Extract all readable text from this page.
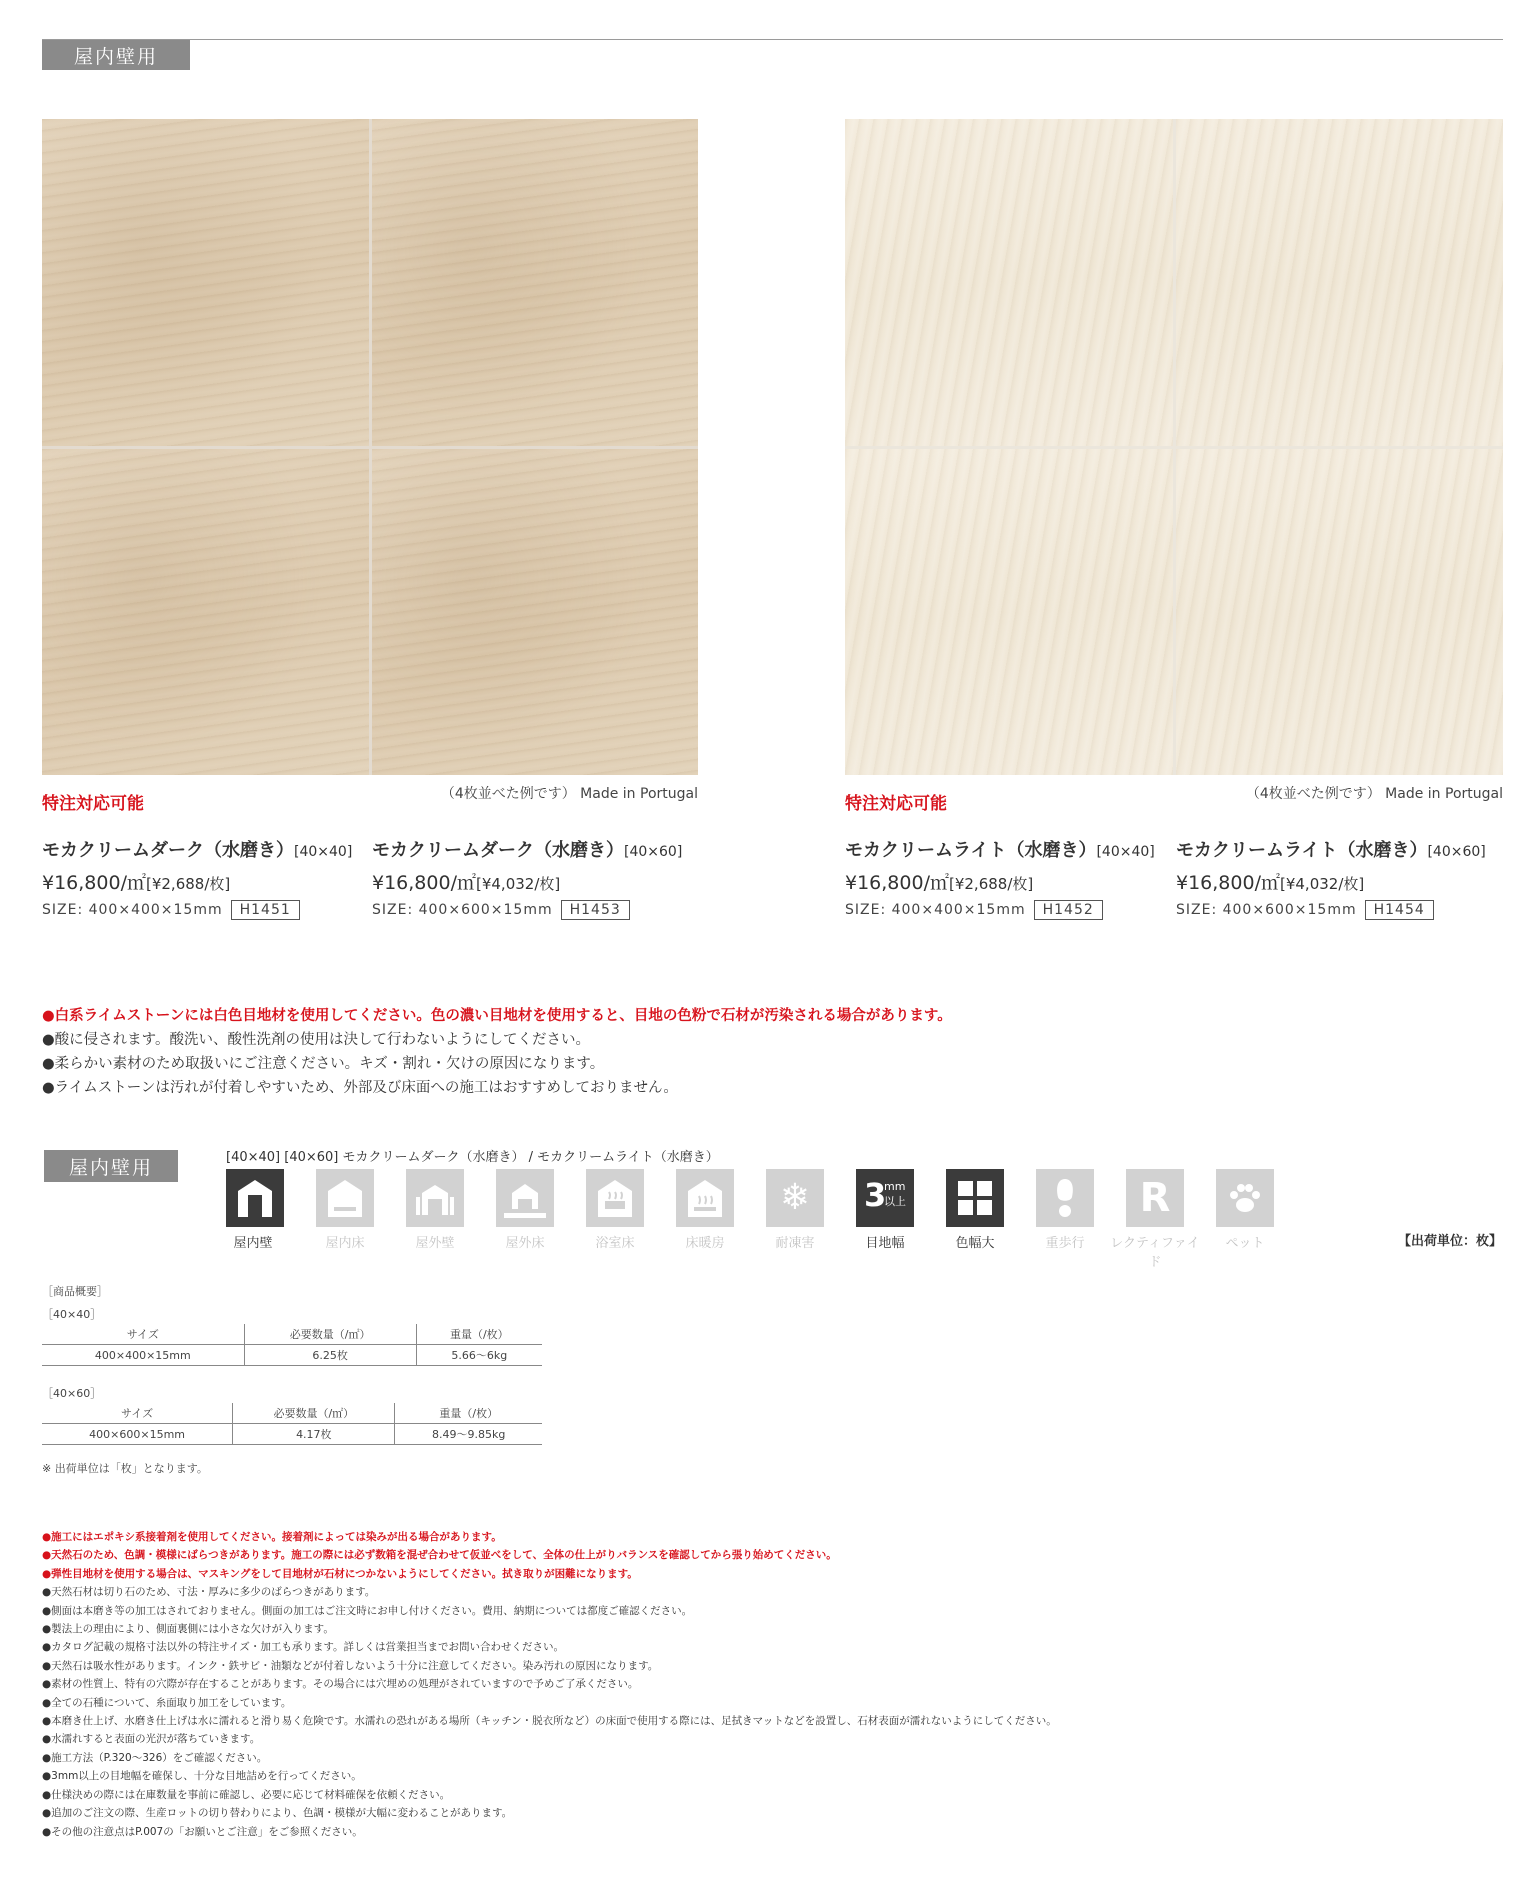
屋内壁用
特注対応可能	（4枚並べた例です） Made in Portugal
モカクリームダーク（水磨き）[40×40]
¥16,800/㎡[¥2,688/枚]
SIZE: 400×400×15mm	H1451
モカクリームダーク（水磨き）[40×60]
¥16,800/㎡[¥4,032/枚]
SIZE: 400×600×15mm	H1453
特注対応可能	（4枚並べた例です） Made in Portugal
モカクリームライト（水磨き）[40×40]
¥16,800/㎡[¥2,688/枚]
SIZE: 400×400×15mm	H1452
モカクリームライト（水磨き）[40×60]
¥16,800/㎡[¥4,032/枚]
SIZE: 400×600×15mm	H1454
●白系ライムストーンには白色目地材を使用してください。色の濃い目地材を使用すると、目地の色粉で石材が汚染される場合があります。
●酸に侵されます。酸洗い、酸性洗剤の使用は決して行わないようにしてください。
●柔らかい素材のため取扱いにご注意ください。キズ・割れ・欠けの原因になります。
●ライムストーンは汚れが付着しやすいため、外部及び床面への施工はおすすめしておりません。
屋内壁用	[40×40] [40×60] モカクリームダーク（水磨き） / モカクリームライト（水磨き）
【出荷単位：枚】
屋内壁	屋内床	屋外壁	屋外床	浴室床	床暖房
❄
耐凍害
3
mm
以上
目地幅	色幅大	重歩行
R
レクティファイド
ペット
［商品概要］
［40×40］
サイズ	必要数量（/㎡）	重量（/枚）
400×400×15mm	6.25枚	5.66～6kg
［40×60］
サイズ	必要数量（/㎡）	重量（/枚）
400×600×15mm	4.17枚	8.49～9.85kg
※ 出荷単位は「枚」となります。
●施工にはエポキシ系接着剤を使用してください。接着剤によっては染みが出る場合があります。
●天然石のため、色調・模様にばらつきがあります。施工の際には必ず数箱を混ぜ合わせて仮並べをして、全体の仕上がりバランスを確認してから張り始めてください。
●弾性目地材を使用する場合は、マスキングをして目地材が石材につかないようにしてください。拭き取りが困難になります。
●天然石材は切り石のため、寸法・厚みに多少のばらつきがあります。
●側面は本磨き等の加工はされておりません。側面の加工はご注文時にお申し付けください。費用、納期については都度ご確認ください。
●製法上の理由により、側面裏側には小さな欠けが入ります。
●カタログ記載の規格寸法以外の特注サイズ・加工も承ります。詳しくは営業担当までお問い合わせください。
●天然石は吸水性があります。インク・鉄サビ・油類などが付着しないよう十分に注意してください。染み汚れの原因になります。
●素材の性質上、特有の穴際が存在することがあります。その場合には穴埋めの処理がされていますので予めご了承ください。
●全ての石種について、糸面取り加工をしています。
●本磨き仕上げ、水磨き仕上げは水に濡れると滑り易く危険です。水濡れの恐れがある場所（キッチン・脱衣所など）の床面で使用する際には、足拭きマットなどを設置し、石材表面が濡れないようにしてください。
●水濡れすると表面の光沢が落ちていきます。
●施工方法（P.320～326）をご確認ください。
●3mm以上の目地幅を確保し、十分な目地詰めを行ってください。
●仕様決めの際には在庫数量を事前に確認し、必要に応じて材料確保を依頼ください。
●追加のご注文の際、生産ロットの切り替わりにより、色調・模様が大幅に変わることがあります。
●その他の注意点はP.007の「お願いとご注意」をご参照ください。
